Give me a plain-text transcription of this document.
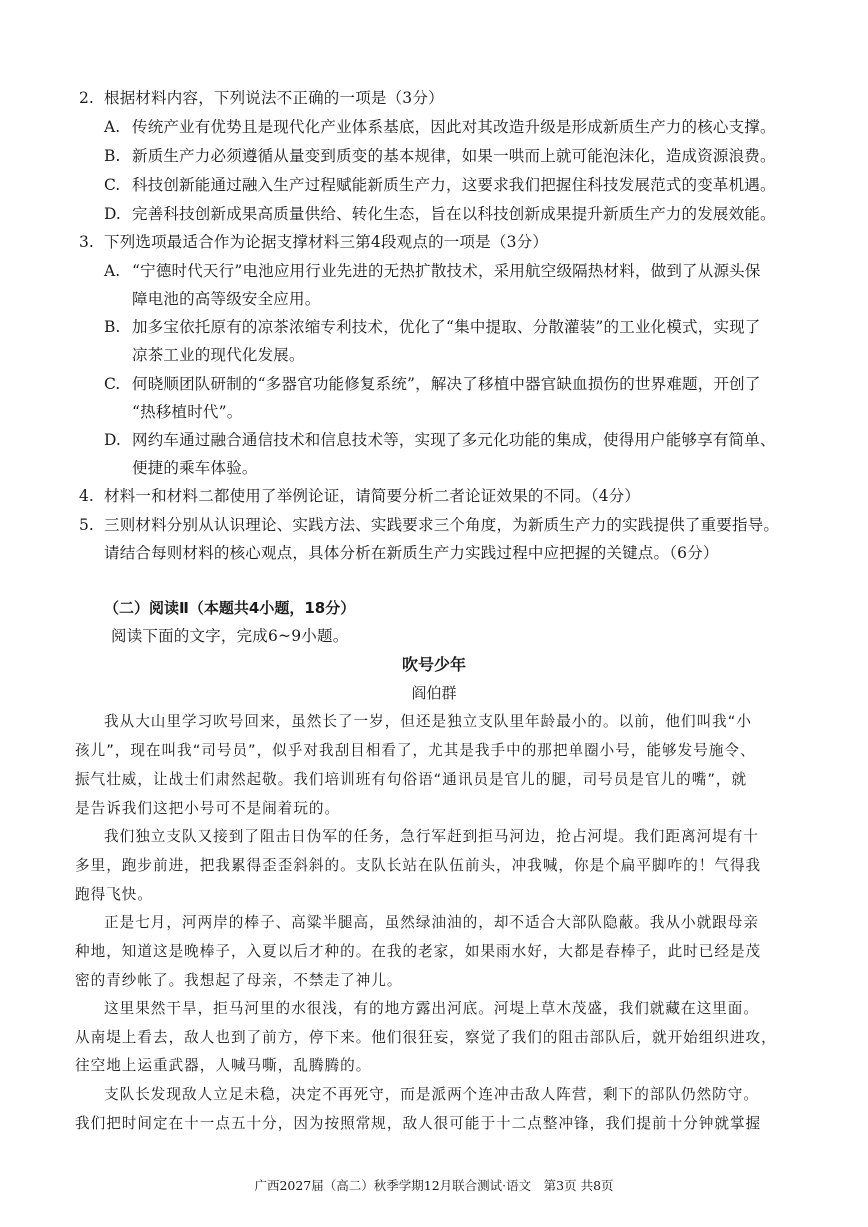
2. 根据材料内容，下列说法不正确的一项是（3分）
A. 传统产业有优势且是现代化产业体系基底，因此对其改造升级是形成新质生产力的核心支撑。
B. 新质生产力必须遵循从量变到质变的基本规律，如果一哄而上就可能泡沫化，造成资源浪费。
C. 科技创新能通过融入生产过程赋能新质生产力，这要求我们把握住科技发展范式的变革机遇。
D. 完善科技创新成果高质量供给、转化生态，旨在以科技创新成果提升新质生产力的发展效能。
3. 下列选项最适合作为论据支撑材料三第4段观点的一项是（3分）
A. “宁德时代天行”电池应用行业先进的无热扩散技术，采用航空级隔热材料，做到了从源头保
障电池的高等级安全应用。
B. 加多宝依托原有的凉茶浓缩专利技术，优化了“集中提取、分散灌装”的工业化模式，实现了
凉茶工业的现代化发展。
C. 何晓顺团队研制的“多器官功能修复系统”，解决了移植中器官缺血损伤的世界难题，开创了
“热移植时代”。
D. 网约车通过融合通信技术和信息技术等，实现了多元化功能的集成，使得用户能够享有简单、
便捷的乘车体验。
4. 材料一和材料二都使用了举例论证，请简要分析二者论证效果的不同。（4分）
5. 三则材料分别从认识理论、实践方法、实践要求三个角度，为新质生产力的实践提供了重要指导。
请结合每则材料的核心观点，具体分析在新质生产力实践过程中应把握的关键点。（6分）
（二）阅读Ⅱ（本题共4小题，18分）
阅读下面的文字，完成6~9小题。
吹号少年
阎伯群
我从大山里学习吹号回来，虽然长了一岁，但还是独立支队里年龄最小的。以前，他们叫我“小
孩儿”，现在叫我“司号员”，似乎对我刮目相看了，尤其是我手中的那把单圈小号，能够发号施令、
振气壮威，让战士们肃然起敬。我们培训班有句俗语“通讯员是官儿的腿，司号员是官儿的嘴”，就
是告诉我们这把小号可不是闹着玩的。
我们独立支队又接到了阻击日伪军的任务，急行军赶到拒马河边，抢占河堤。我们距离河堤有十
多里，跑步前进，把我累得歪歪斜斜的。支队长站在队伍前头，冲我喊，你是个扁平脚咋的！气得我
跑得飞快。
正是七月，河两岸的棒子、高粱半腿高，虽然绿油油的，却不适合大部队隐蔽。我从小就跟母亲
种地，知道这是晚棒子，入夏以后才种的。在我的老家，如果雨水好，大都是春棒子，此时已经是茂
密的青纱帐了。我想起了母亲，不禁走了神儿。
这里果然干旱，拒马河里的水很浅，有的地方露出河底。河堤上草木茂盛，我们就藏在这里面。
从南堤上看去，敌人也到了前方，停下来。他们很狂妄，察觉了我们的阻击部队后，就开始组织进攻，
往空地上运重武器，人喊马嘶，乱腾腾的。
支队长发现敌人立足未稳，决定不再死守，而是派两个连冲击敌人阵营，剩下的部队仍然防守。
我们把时间定在十一点五十分，因为按照常规，敌人很可能于十二点整冲锋，我们提前十分钟就掌握
广西2027届（高二）秋季学期12月联合测试·语文　第3页 共8页
